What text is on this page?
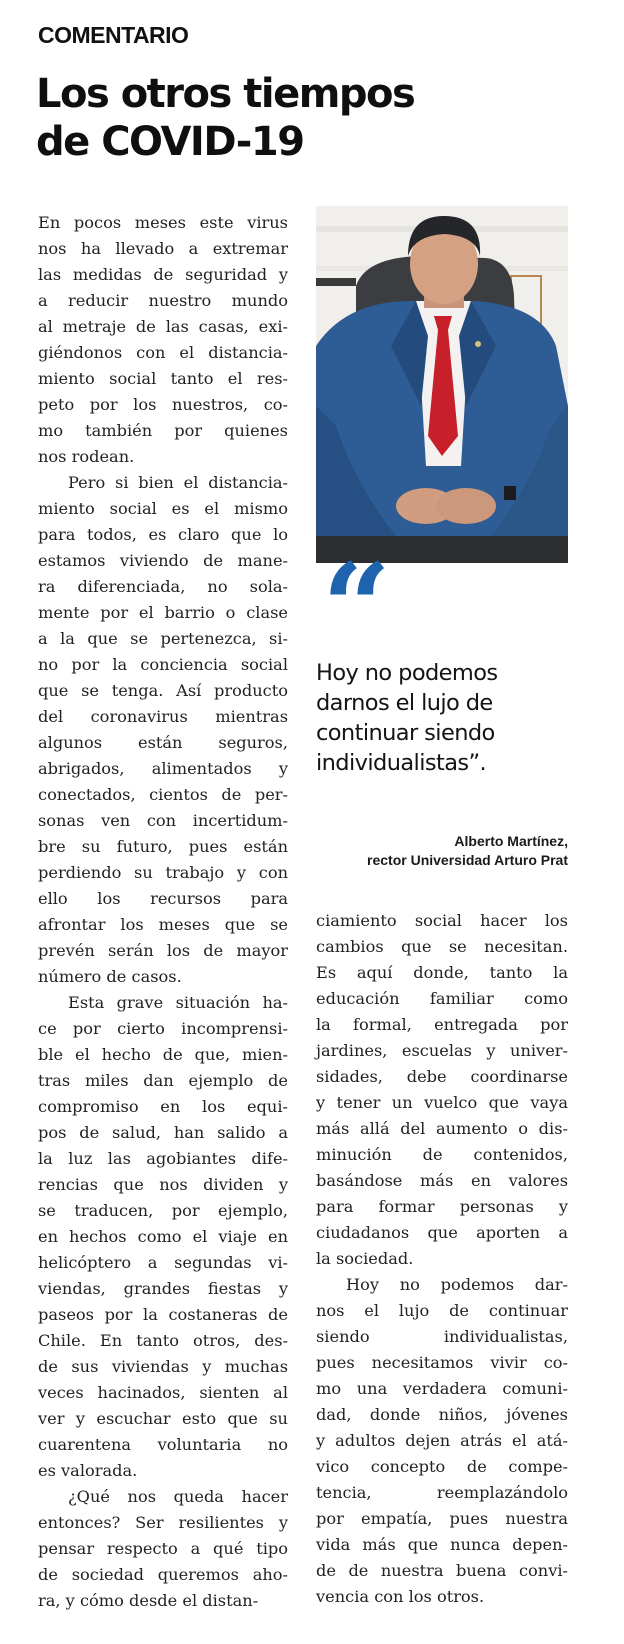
COMENTARIO
Los otros tiempos
de COVID-19
En pocos meses este virus
nos ha llevado a extremar
las medidas de seguridad y
a reducir nuestro mundo
al metraje de las casas, exi-
giéndonos con el distancia-
miento social tanto el res-
peto por los nuestros, co-
mo también por quienes
nos rodean.
Pero si bien el distancia-
miento social es el mismo
para todos, es claro que lo
estamos viviendo de mane-
ra diferenciada, no sola-
mente por el barrio o clase
a la que se pertenezca, si-
no por la conciencia social
que se tenga. Así producto
del coronavirus mientras
algunos están seguros,
abrigados, alimentados y
conectados, cientos de per-
sonas ven con incertidum-
bre su futuro, pues están
perdiendo su trabajo y con
ello los recursos para
afrontar los meses que se
prevén serán los de mayor
número de casos.
Esta grave situación ha-
ce por cierto incomprensi-
ble el hecho de que, mien-
tras miles dan ejemplo de
compromiso en los equi-
pos de salud, han salido a
la luz las agobiantes dife-
rencias que nos dividen y
se traducen, por ejemplo,
en hechos como el viaje en
helicóptero a segundas vi-
viendas, grandes fiestas y
paseos por la costaneras de
Chile. En tanto otros, des-
de sus viviendas y muchas
veces hacinados, sienten al
ver y escuchar esto que su
cuarentena voluntaria no
es valorada.
¿Qué nos queda hacer
entonces? Ser resilientes y
pensar respecto a qué tipo
de sociedad queremos aho-
ra, y cómo desde el distan-
“
Hoy no podemos
darnos el lujo de
continuar siendo
individualistas”.
Alberto Martínez,
rector Universidad Arturo Prat
ciamiento social hacer los
cambios que se necesitan.
Es aquí donde, tanto la
educación familiar como
la formal, entregada por
jardines, escuelas y univer-
sidades, debe coordinarse
y tener un vuelco que vaya
más allá del aumento o dis-
minución de contenidos,
basándose más en valores
para formar personas y
ciudadanos que aporten a
la sociedad.
Hoy no podemos dar-
nos el lujo de continuar
siendo individualistas,
pues necesitamos vivir co-
mo una verdadera comuni-
dad, donde niños, jóvenes
y adultos dejen atrás el atá-
vico concepto de compe-
tencia, reemplazándolo
por empatía, pues nuestra
vida más que nunca depen-
de de nuestra buena convi-
vencia con los otros.
